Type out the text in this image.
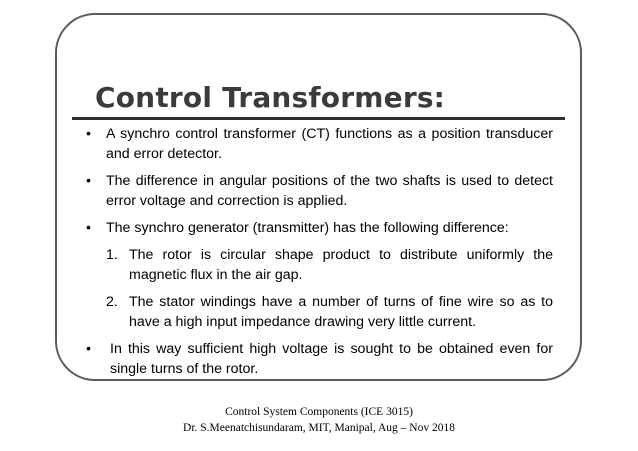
Control Transformers:
• A synchro control transformer (CT) functions as a position transducer and error detector.
• The difference in angular positions of the two shafts is used to detect error voltage and correction is applied.
• The synchro generator (transmitter) has the following difference:
1. The rotor is circular shape product to distribute uniformly the magnetic flux in the air gap.
2. The stator windings have a number of turns of fine wire so as to have a high input impedance drawing very little current.
• In this way sufficient high voltage is sought to be obtained even for single turns of the rotor.
Control System Components (ICE 3015)
Dr. S.Meenatchisundaram, MIT, Manipal, Aug – Nov 2018
